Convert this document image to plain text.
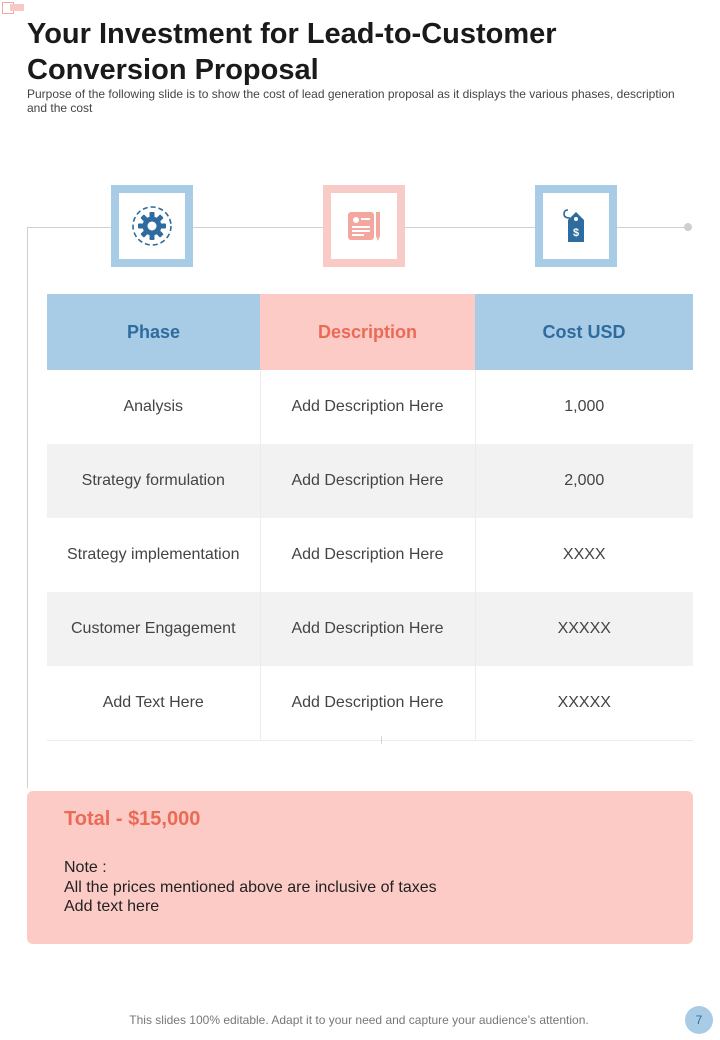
Your Investment for Lead-to-Customer Conversion Proposal
Purpose of the following slide is to show the cost of lead generation proposal as it displays the various phases, description and the cost
$
Phase	Description	Cost USD
Analysis	Add Description Here	1,000
Strategy formulation	Add Description Here	2,000
Strategy implementation	Add Description Here	XXXX
Customer Engagement	Add Description Here	XXXXX
Add Text Here	Add Description Here	XXXXX
Total - $15,000
Note :
All the prices mentioned above are inclusive of taxes
Add text here
This slides 100% editable. Adapt it to your need and capture your audience’s attention.	7
